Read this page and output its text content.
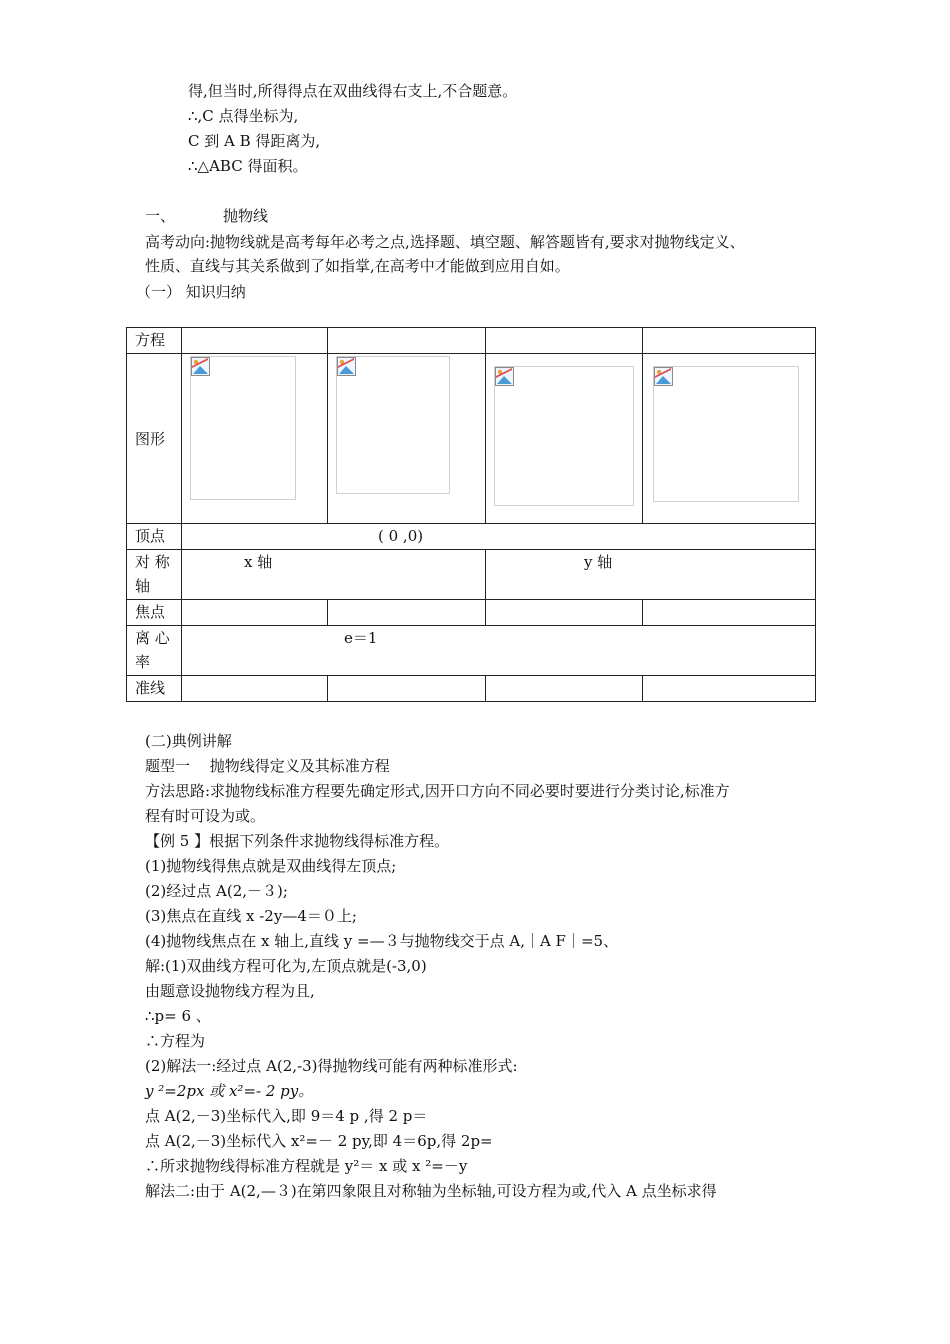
得,但当时,所得得点在双曲线得右支上,不合题意。
∴,C 点得坐标为,
C 到 A B 得距离为,
∴△ABC 得面积。
一、	抛物线
高考动向:抛物线就是高考每年必考之点,选择题、填空题、解答题皆有,要求对抛物线定义、
性质、直线与其关系做到了如指掌,在高考中才能做到应用自如。
（一） 知识归纳
方程				
图形	

顶点	( 0 ,0)			

对 称
轴	x 轴		y 轴	
焦点				

离 心
率	e＝1			
准线				
(二)典例讲解
题型一　 抛物线得定义及其标准方程
方法思路:求抛物线标准方程要先确定形式,因开口方向不同必要时要进行分类讨论,标准方
程有时可设为或。
【例 5 】根据下列条件求抛物线得标准方程。
(1)抛物线得焦点就是双曲线得左顶点;
(2)经过点 A(2,－３);
(3)焦点在直线 x -2y—4＝０上;
(4)抛物线焦点在 x 轴上,直线 y =—３与抛物线交于点 A,｜A F｜=5、
解:(1)双曲线方程可化为,左顶点就是(-3,0)
由题意设抛物线方程为且,
∴p= 6 、
∴方程为
(2)解法一:经过点 A(2,-3)得抛物线可能有两种标准形式:
y ²=2px 或 x²=- 2 py。
点 A(2,－3)坐标代入,即 9＝4 p ,得 2 p＝
点 A(2,－3)坐标代入 x²=－ 2 py,即 4＝6p,得 2p=
∴所求抛物线得标准方程就是 y²＝ x 或 x ²=－y
解法二:由于 A(2,—３)在第四象限且对称轴为坐标轴,可设方程为或,代入 A 点坐标求得
